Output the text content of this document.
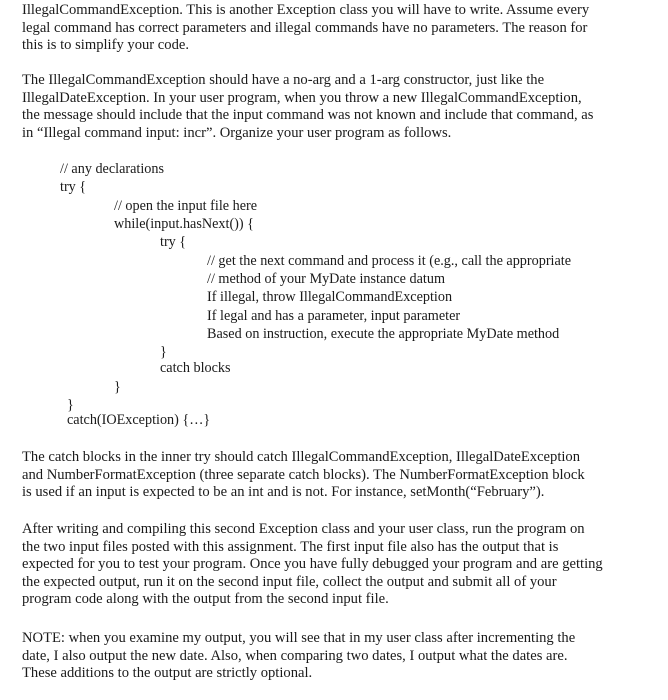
IllegalCommandException. This is another Exception class you will have to write. Assume every
legal command has correct parameters and illegal commands have no parameters. The reason for
this is to simplify your code.

The IllegalCommandException should have a no-arg and a 1-arg constructor, just like the
IllegalDateException. In your user program, when you throw a new IllegalCommandException,
the message should include that the input command was not known and include that command, as
in “Illegal command input: incr”. Organize your user program as follows.

// any declarations
try {
// open the input file here
while(input.hasNext()) {
try {
// get the next command and process it (e.g., call the appropriate
// method of your MyDate instance datum
If illegal, throw IllegalCommandException
If legal and has a parameter, input parameter
Based on instruction, execute the appropriate MyDate method
}
catch blocks
}
}
catch(IOException) {…}

The catch blocks in the inner try should catch IllegalCommandException, IllegalDateException
and NumberFormatException (three separate catch blocks). The NumberFormatException block
is used if an input is expected to be an int and is not. For instance, setMonth(“February”).

After writing and compiling this second Exception class and your user class, run the program on
the two input files posted with this assignment. The first input file also has the output that is
expected for you to test your program. Once you have fully debugged your program and are getting
the expected output, run it on the second input file, collect the output and submit all of your
program code along with the output from the second input file.

NOTE: when you examine my output, you will see that in my user class after incrementing the
date, I also output the new date. Also, when comparing two dates, I output what the dates are.
These additions to the output are strictly optional.
